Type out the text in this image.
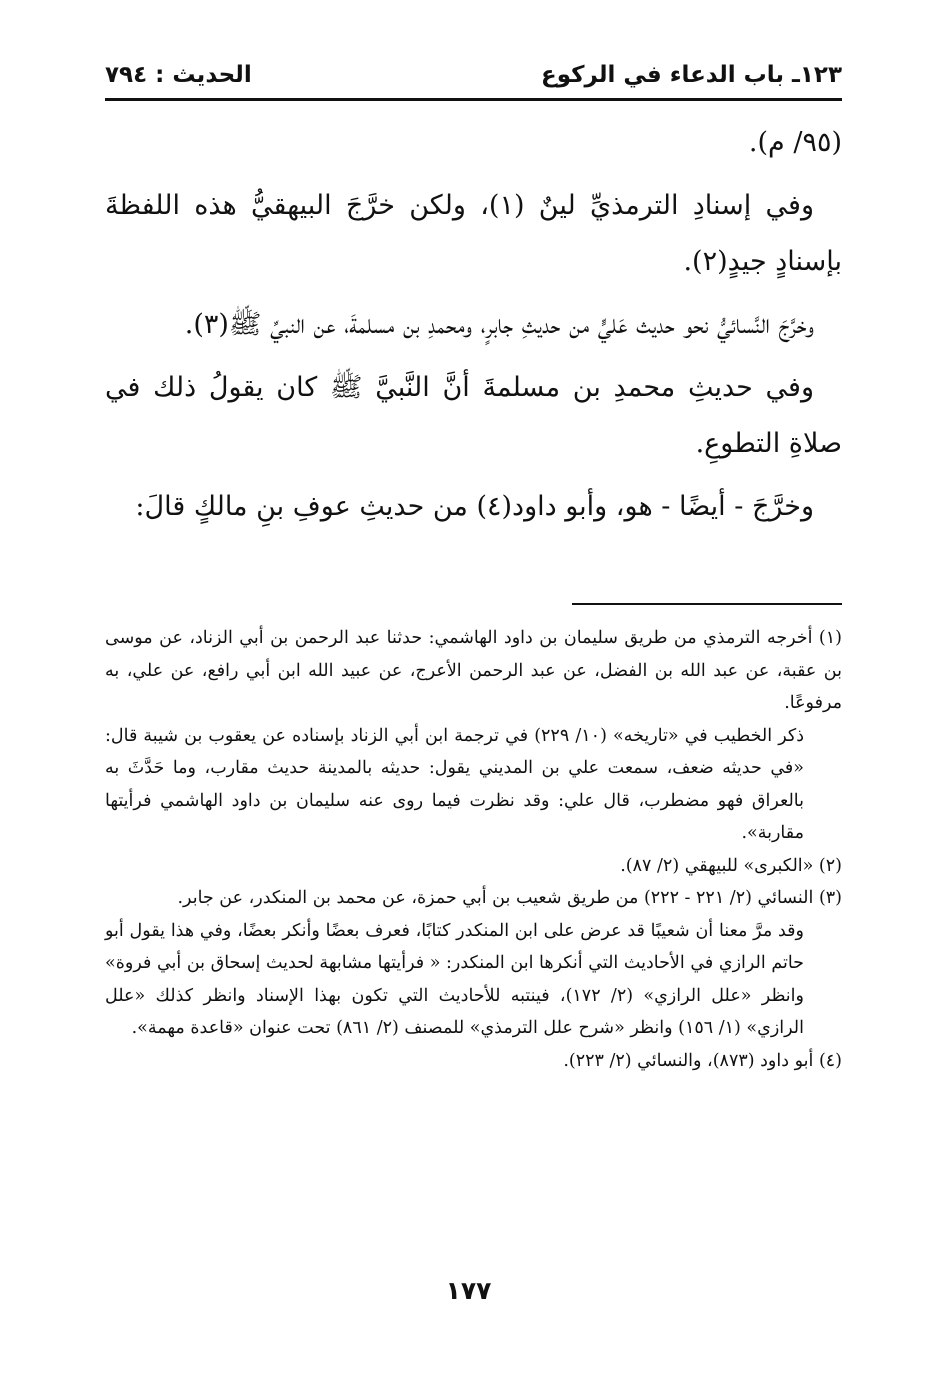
١٢٣ـ باب الدعاء في الركوع
الحديث : ٧٩٤

(٩٥/ م).

وفي إسنادِ الترمذيِّ لينٌ (١)، ولكن خرَّجَ البيهقيُّ هذه اللفظةَ بإسنادٍ جيدٍ(٢).

وخرَّجَ النَّسائيُّ نحو حديث عَليٍّ من حديثِ جابرٍ، ومحمدِ بن مسلمةَ، عن النبيِّ ﷺ(٣).

وفي حديثِ محمدِ بن مسلمةَ أنَّ النَّبيَّ ﷺ كان يقولُ ذلك في صلاةِ التطوعِ.

وخرَّجَ - أيضًا - هو، وأبو داود(٤) من حديثِ عوفِ بنِ مالكٍ قالَ:

(١) أخرجه الترمذي من طريق سليمان بن داود الهاشمي: حدثنا عبد الرحمن بن أبي الزناد، عن موسى بن عقبة، عن عبد الله بن الفضل، عن عبد الرحمن الأعرج، عن عبيد الله ابن أبي رافع، عن علي، به مرفوعًا.

ذكر الخطيب في «تاريخه» (١٠/ ٢٢٩) في ترجمة ابن أبي الزناد بإسناده عن يعقوب بن شيبة قال: «في حديثه ضعف، سمعت علي بن المديني يقول: حديثه بالمدينة حديث مقارب، وما حَدَّثَ به بالعراق فهو مضطرب، قال علي: وقد نظرت فيما روى عنه سليمان بن داود الهاشمي فرأيتها مقاربة».

(٢) «الكبرى» للبيهقي (٢/ ٨٧).

(٣) النسائي (٢/ ٢٢١ - ٢٢٢) من طريق شعيب بن أبي حمزة، عن محمد بن المنكدر، عن جابر.

وقد مرَّ معنا أن شعيبًا قد عرض على ابن المنكدر كتابًا، فعرف بعضًا وأنكر بعضًا، وفي هذا يقول أبو حاتم الرازي في الأحاديث التي أنكرها ابن المنكدر: « فرأيتها مشابهة لحديث إسحاق بن أبي فروة» وانظر «علل الرازي» (٢/ ١٧٢)، فينتبه للأحاديث التي تكون بهذا الإسناد وانظر كذلك «علل الرازي» (١/ ١٥٦) وانظر «شرح علل الترمذي» للمصنف (٢/ ٨٦١) تحت عنوان «قاعدة مهمة».

(٤) أبو داود (٨٧٣)، والنسائي (٢/ ٢٢٣).

١٧٧
